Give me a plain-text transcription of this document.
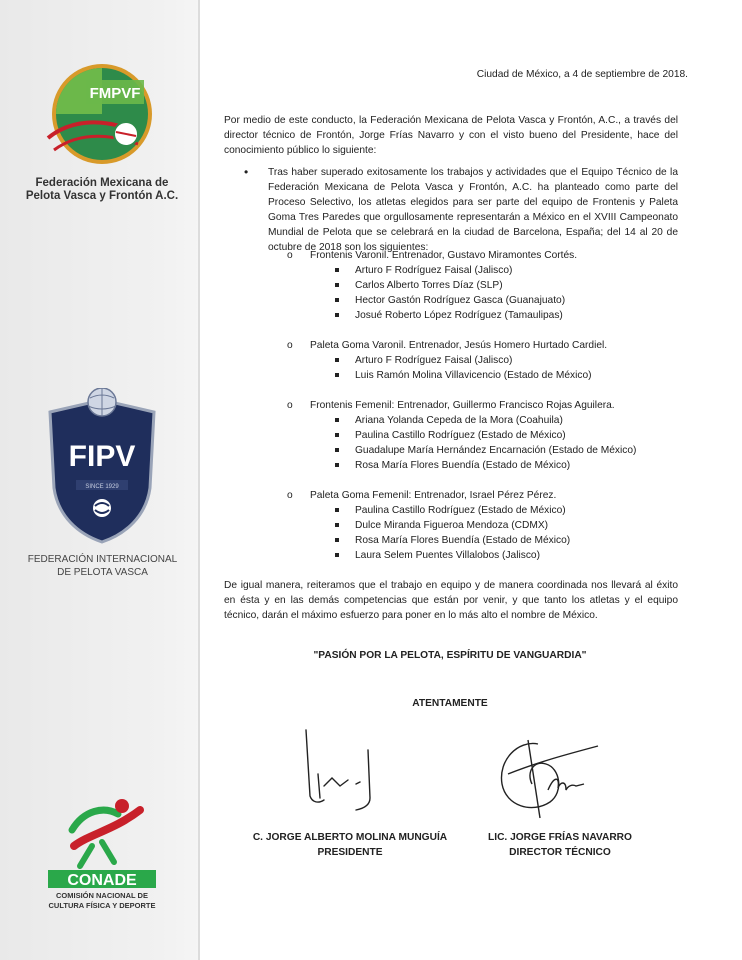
FMPVF
Federación Mexicana de
Pelota Vasca y Frontón A.C.
FIPV
SINCE 1929
FEDERACIÓN INTERNACIONAL
DE PELOTA VASCA
CONADE
COMISIÓN NACIONAL DE
CULTURA FÍSICA Y DEPORTE
Ciudad de México, a 4 de septiembre de 2018.
Por medio de este conducto, la Federación Mexicana de Pelota Vasca y Frontón, A.C., a través del director técnico de Frontón, Jorge Frías Navarro y con el visto bueno del Presidente, hace del conocimiento público lo siguiente:
• Tras haber superado exitosamente los trabajos y actividades que el Equipo Técnico de la Federación Mexicana de Pelota Vasca y Frontón, A.C. ha planteado como parte del Proceso Selectivo, los atletas elegidos para ser parte del equipo de Frontenis y Paleta Goma Tres Paredes que orgullosamente representarán a México en el XVIII Campeonato Mundial de Pelota que se celebrará en la ciudad de Barcelona, España; del 14 al 20 de octubre de 2018 son los siguientes:
o Frontenis Varonil. Entrenador, Gustavo Miramontes Cortés.
Arturo F Rodríguez Faisal (Jalisco)
Carlos Alberto Torres Díaz (SLP)
Hector Gastón Rodríguez Gasca (Guanajuato)
Josué Roberto López Rodríguez (Tamaulipas)
o Paleta Goma Varonil. Entrenador, Jesús Homero Hurtado Cardiel.
Arturo F Rodríguez Faisal (Jalisco)
Luis Ramón Molina Villavicencio (Estado de México)
o Frontenis Femenil: Entrenador, Guillermo Francisco Rojas Aguilera.
Ariana Yolanda Cepeda de la Mora (Coahuila)
Paulina Castillo Rodríguez (Estado de México)
Guadalupe María Hernández Encarnación (Estado de México)
Rosa María Flores Buendía (Estado de México)
o Paleta Goma Femenil: Entrenador, Israel Pérez Pérez.
Paulina Castillo Rodríguez (Estado de México)
Dulce Miranda Figueroa Mendoza (CDMX)
Rosa María Flores Buendía (Estado de México)
Laura Selem Puentes Villalobos (Jalisco)
De igual manera, reiteramos que el trabajo en equipo y de manera coordinada nos llevará al éxito en ésta y en las demás competencias que están por venir, y que tanto los atletas y el equipo técnico, darán el máximo esfuerzo para poner en lo más alto el nombre de México.
"PASIÓN POR LA PELOTA, ESPÍRITU DE VANGUARDIA"
ATENTAMENTE
C. JORGE ALBERTO MOLINA MUNGUÍA
PRESIDENTE
LIC. JORGE FRÍAS NAVARRO
DIRECTOR TÉCNICO
